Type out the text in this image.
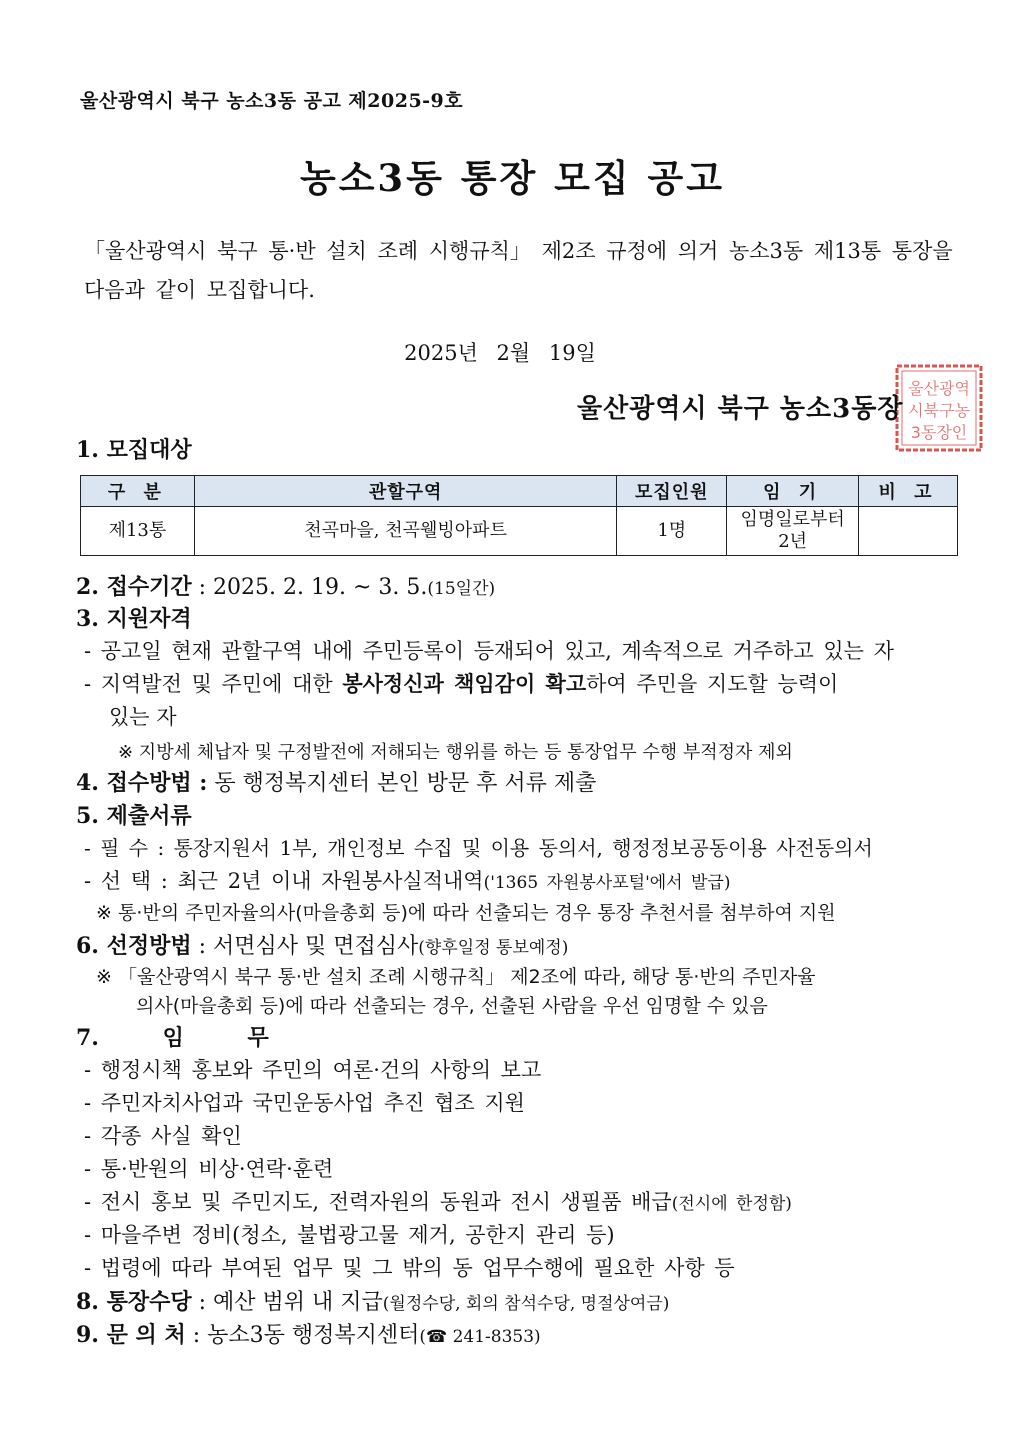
울산광역시 북구 농소3동 공고 제2025-9호
농소3동 통장 모집 공고
「울산광역시 북구 통·반 설치 조례 시행규칙」 제2조 규정에 의거 농소3동 제13통 통장을 다음과 같이 모집합니다.
2025년 2월 19일
울산광역
시북구농
3동장인
울산광역시 북구 농소3동장
1. 모집대상
구 분	관할구역	모집인원	임 기	비 고
제13통	천곡마을, 천곡웰빙아파트	1명	임명일로부터
2년	

2. 접수기간 : 2025. 2. 19. ~ 3. 5.(15일간)
3. 지원자격
- 공고일 현재 관할구역 내에 주민등록이 등재되어 있고, 계속적으로 거주하고 있는 자
- 지역발전 및 주민에 대한 봉사정신과 책임감이 확고하여 주민을 지도할 능력이
있는 자
※ 지방세 체납자 및 구정발전에 저해되는 행위를 하는 등 통장업무 수행 부적정자 제외
4. 접수방법 : 동 행정복지센터 본인 방문 후 서류 제출
5. 제출서류
- 필 수 : 통장지원서 1부, 개인정보 수집 및 이용 동의서, 행정정보공동이용 사전동의서
- 선 택 : 최근 2년 이내 자원봉사실적내역('1365 자원봉사포털'에서 발급)
※ 통·반의 주민자율의사(마을총회 등)에 따라 선출되는 경우 통장 추천서를 첨부하여 지원
6. 선정방법 : 서면심사 및 면접심사(향후일정 통보예정)
※ 「울산광역시 북구 통·반 설치 조례 시행규칙」 제2조에 따라, 해당 통·반의 주민자율
의사(마을총회 등)에 따라 선출되는 경우, 선출된 사람을 우선 임명할 수 있음
7. 임 무
- 행정시책 홍보와 주민의 여론·건의 사항의 보고
- 주민자치사업과 국민운동사업 추진 협조 지원
- 각종 사실 확인
- 통·반원의 비상·연락·훈련
- 전시 홍보 및 주민지도, 전력자원의 동원과 전시 생필품 배급(전시에 한정함)
- 마을주변 정비(청소, 불법광고물 제거, 공한지 관리 등)
- 법령에 따라 부여된 업무 및 그 밖의 동 업무수행에 필요한 사항 등
8. 통장수당 : 예산 범위 내 지급(월정수당, 회의 참석수당, 명절상여금)
9. 문 의 처 : 농소3동 행정복지센터(☎ 241-8353)
